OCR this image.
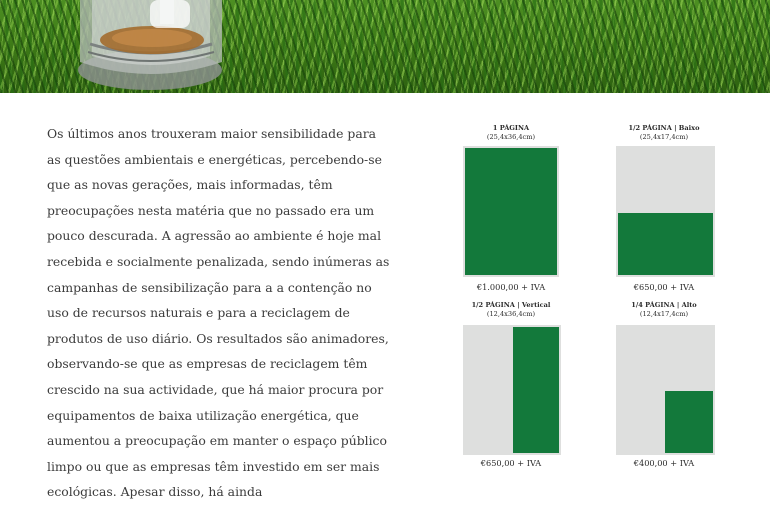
Os últimos anos trouxeram maior sensibilidade para as questões ambientais e energéticas, percebendo-se que as novas gerações, mais informadas, têm preocupações nesta matéria que no passado era um pouco descurada. A agressão ao ambiente é hoje mal recebida e socialmente penalizada, sendo inúmeras as campanhas de sensibilização para a a contenção no uso de recursos naturais e para a reciclagem de produtos de uso diário. Os resultados são animadores, observando-se que as empresas de reciclagem têm crescido na sua actividade, que há maior procura por equipamentos de baixa utilização energética, que aumentou a preocupação em manter o espaço público limpo ou que as empresas têm investido em ser mais ecológicas. Apesar disso, há ainda

1 PÁGINA
(25,4x36,4cm)
€1.000,00 + IVA
1/2 PÁGINA | Baixo
(25,4x17,4cm)
€650,00 + IVA
1/2 PÁGINA | Vertical
(12,4x36,4cm)
€650,00 + IVA
1/4 PÁGINA | Alto
(12,4x17,4cm)
€400,00 + IVA
